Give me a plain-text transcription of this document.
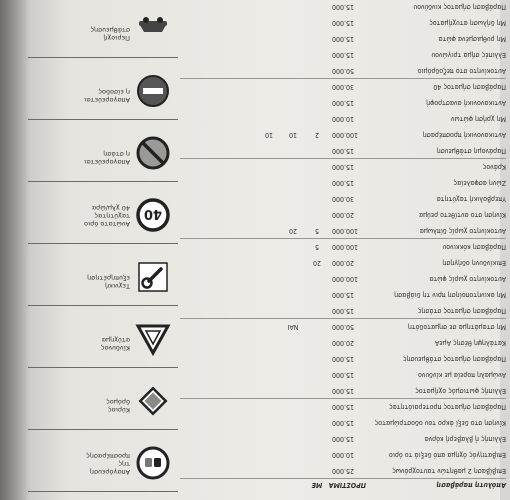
Απόλυτη παράβαση
ΠΡΟΣΤΙΜΑ
ΜΕ
Επιβίβαση 2 μαθητών ταυτοχρόνως
25.000
Επιβατηγός όχημα από δεξιά το όριο
10.000
Ελλιπής ή βλαβερή κόρνα
15.000
Κίνηση στο δεξί άκρο του οδοστρώματος
15.000
Παράβαση σήματος προτεραιότητας
15.000
Ελλιπής φωτισμός οχήματος
15.000
Ανώμαλη πορεία με κίνδυνο
15.000
Παράβαση σήματος στάθμευσης
15.000
Κατάληψη θέσης ΑμεΑ
20.000
Μη σταμάτημα σε σηματοδότη
50.000
ΝΑΙ
Παράβαση σήματος στάσης
15.000
Μη ακινητοποίηση πριν τη διάβαση
15.000
Αυτοκίνητο χωρίς φώτα
100.000
Επικίνδυνη οδήγηση
20.000
20
Παράβαση κόκκινου
100.000
5
Αυτοκίνητο χωρίς δίπλωμα
100.000
5
20
Κίνηση στο αντίθετο ρεύμα
20.000
Υπερβολική ταχύτητα
30.000
Ζώνη ασφαλείας
15.000
Κράνος
15.000
Παράνομη στάθμευση
15.000
Αντικανονική προσπέραση
100.000
2
10
10
Μη χρήση φώτων
10.000
Αντικανονική αναστροφή
15.000
Παράβαση σήματος 40
30.000
Αυτοκίνητο στο πεζοδρόμιο
50.000
Ελλιπές σήμα τριγώνου
15.000
Μη ρυθμισμένα φώτα
15.000
Μη δήλωση ατυχήματος
15.000
Παράβαση σήματος κινδύνου
15.000
Απαγόρευση
της
προσπέρασης
Κύριος
δρόμος
Κίνδυνος
ατύχημα
Τεχνική
εξυπηρέτηση
40
Ανώτατο όριο
ταχύτητας
40 χλμ/ώρα
Απαγορεύεται
η στάση
Απαγορεύεται
η είσοδος
Περιοχή
στάθμευσης
